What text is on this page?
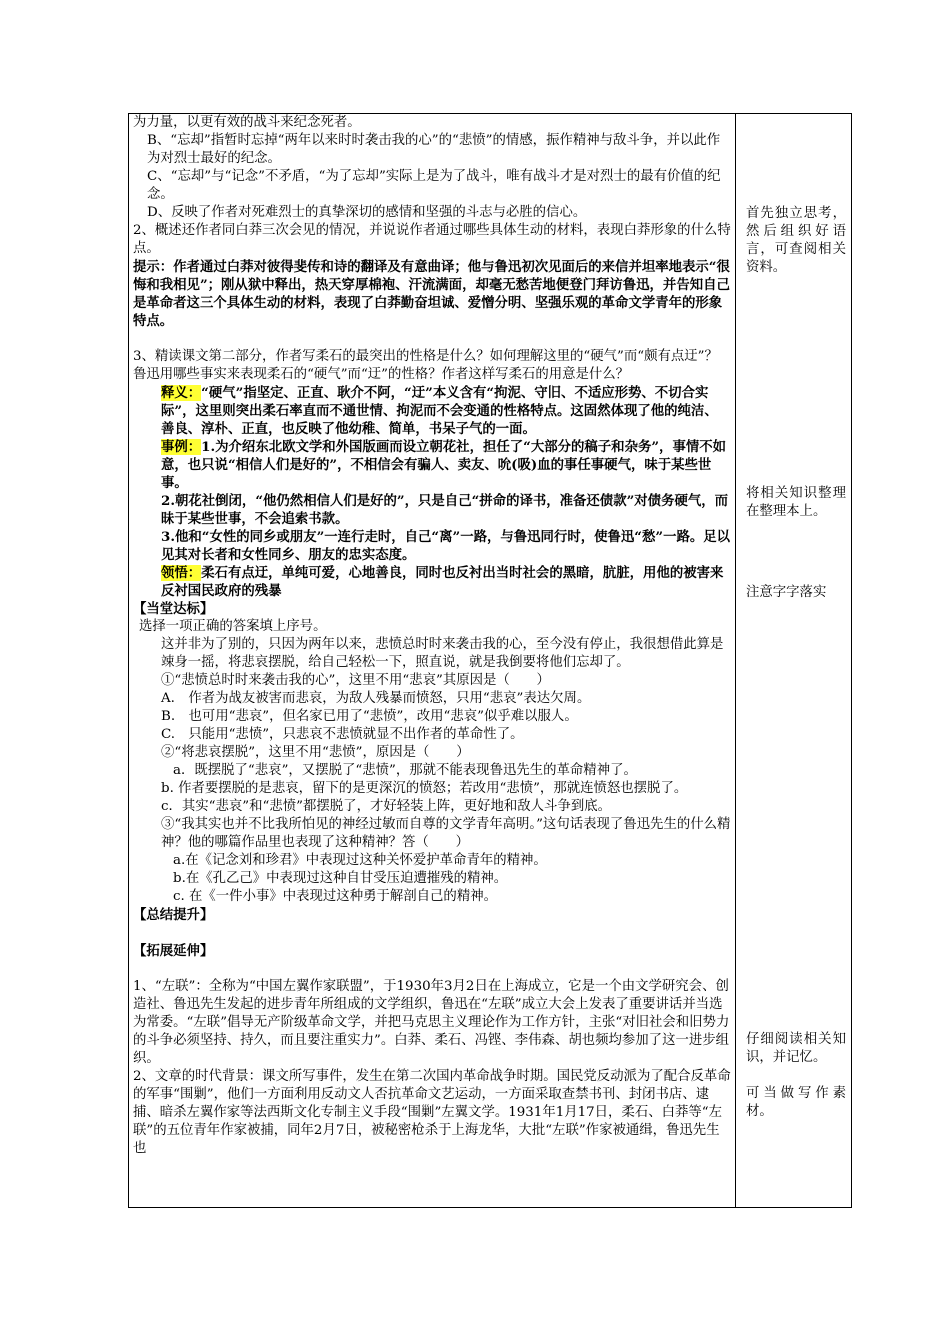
为力量，以更有效的战斗来纪念死者。

B、“忘却”指暂时忘掉“两年以来时时袭击我的心”的“悲愤”的情感，振作精神与敌斗争，并以此作为对烈士最好的纪念。

C、“忘却”与“记念”不矛盾，“为了忘却”实际上是为了战斗，唯有战斗才是对烈士的最有价值的纪念。

D、反映了作者对死难烈士的真挚深切的感情和坚强的斗志与必胜的信心。

2、概述还作者同白莽三次会见的情况，并说说作者通过哪些具体生动的材料，表现白莽形象的什么特点。

提示：作者通过白莽对彼得斐传和诗的翻译及有意曲译；他与鲁迅初次见面后的来信并坦率地表示“很悔和我相见”；刚从狱中释出，热天穿厚棉袍、汗流满面，却毫无愁苦地便登门拜访鲁迅，并告知自己是革命者这三个具体生动的材料，表现了白莽勤奋坦诚、爱憎分明、坚强乐观的革命文学青年的形象特点。

3、精读课文第二部分，作者写柔石的最突出的性格是什么？如何理解这里的“硬气”而“颇有点迂”？　鲁迅用哪些事实来表现柔石的“硬气”而“迂”的性格？作者这样写柔石的用意是什么？

释义：“硬气”指坚定、正直、耿介不阿，“迂”本义含有“拘泥、守旧、不适应形势、不切合实际”，这里则突出柔石率直而不通世情、拘泥而不会变通的性格特点。这固然体现了他的纯洁、善良、淳朴、正直，也反映了他幼稚、简单，书呆子气的一面。

事例：1.为介绍东北欧文学和外国版画而设立朝花社，担任了“大部分的稿子和杂务”，事情不如意，也只说“相信人们是好的”，不相信会有骗人、卖友、吮(吸)血的事任事硬气，味于某些世事。

2.朝花社倒闭，“他仍然相信人们是好的”，只是自己“拼命的译书，准备还债款”对债务硬气，而昧于某些世事，不会追索书款。

3.他和“女性的同乡或朋友”一连行走时，自己“离”一路，与鲁迅同行时，使鲁迅“愁”一路。足以见其对长者和女性同乡、朋友的忠实态度。

领悟：柔石有点迂，单纯可爱，心地善良，同时也反衬出当时社会的黑暗，肮脏，用他的被害来反衬国民政府的残暴

【当堂达标】

选择一项正确的答案填上序号。

这并非为了别的，只因为两年以来，悲愤总时时来袭击我的心，至今没有停止，我很想借此算是竦身一摇，将悲哀摆脱，给自己轻松一下，照直说，就是我倒要将他们忘却了。

①“悲愤总时时来袭击我的心”，这里不用“悲哀”其原因是（　　）

A.　作者为战友被害而悲哀，为敌人残暴而愤怒，只用“悲哀”表达欠周。

B.　也可用“悲哀”，但名家已用了“悲愤”，改用“悲哀”似乎难以服人。

C.　只能用“悲愤”，只悲哀不悲愤就显不出作者的革命性了。

②“将悲哀摆脱”，这里不用“悲愤”，原因是（　　）

a．既摆脱了“悲哀”，又摆脱了“悲愤”，那就不能表现鲁迅先生的革命精神了。

b. 作者要摆脱的是悲哀，留下的是更深沉的愤怒；若改用“悲愤”，那就连愤怒也摆脱了。

c．其实“悲哀”和“悲愤”都摆脱了，才好轻装上阵，更好地和敌人斗争到底。

③“我其实也并不比我所怕见的神经过敏而自尊的文学青年高明。”这句话表现了鲁迅先生的什么精神？他的哪篇作品里也表现了这种精神？答（　　）

a.在《记念刘和珍君》中表现过这种关怀爱护革命青年的精神。

b.在《孔乙己》中表现过这种自甘受压迫遭摧残的精神。

c. 在《一件小事》中表现过这种勇于解剖自己的精神。

【总结提升】

【拓展延伸】

1、“左联”：全称为“中国左翼作家联盟”，于1930年3月2日在上海成立，它是一个由文学研究会、创造社、鲁迅先生发起的进步青年所组成的文学组织，鲁迅在“左联”成立大会上发表了重要讲话并当选为常委。“左联”倡导无产阶级革命文学，并把马克思主义理论作为工作方针，主张“对旧社会和旧势力的斗争必须坚持、持久，而且要注重实力”。白莽、柔石、冯铿、李伟森、胡也频均参加了这一进步组织。

2、文章的时代背景：课文所写事件，发生在第二次国内革命战争时期。国民党反动派为了配合反革命的军事“围剿”，他们一方面利用反动文人否抗革命文艺运动，一方面采取查禁书刊、封闭书店、逮捕、暗杀左翼作家等法西斯文化专制主义手段“围剿”左翼文学。1931年1月17日，柔石、白莽等“左联”的五位青年作家被捕，同年2月7日，被秘密枪杀于上海龙华，大批“左联”作家被通缉，鲁迅先生也

首先独立思考，然后组织好语言，可查阅相关资料。
将相关知识整理在整理本上。
注意字字落实
仔细阅读相关知识，并记忆。
可当做写作素材。
